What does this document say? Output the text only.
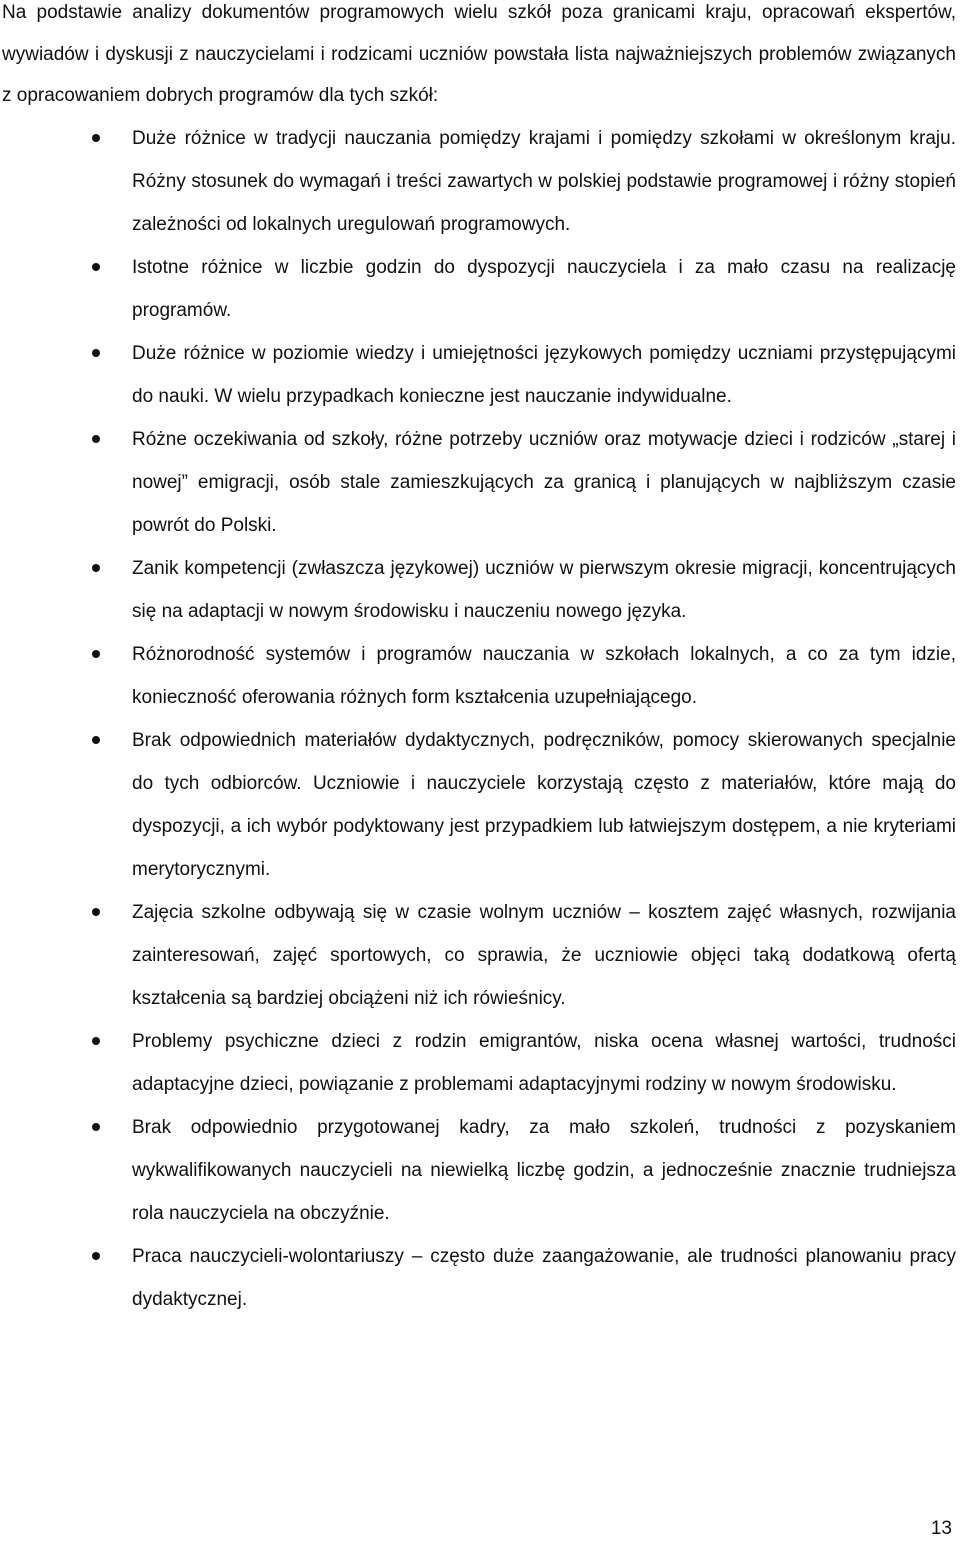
Na podstawie analizy dokumentów programowych wielu szkół poza granicami kraju, opracowań ekspertów, wywiadów i dyskusji z nauczycielami i rodzicami uczniów powstała lista najważniejszych problemów związanych z opracowaniem dobrych programów dla tych szkół:

Duże różnice w tradycji nauczania pomiędzy krajami i pomiędzy szkołami w określonym kraju. Różny stosunek do wymagań i treści zawartych w polskiej podstawie programowej i różny stopień zależności od lokalnych uregulowań programowych.
Istotne różnice w liczbie godzin do dyspozycji nauczyciela i za mało czasu na realizację programów.
Duże różnice w poziomie wiedzy i umiejętności językowych pomiędzy uczniami przystępującymi do nauki. W wielu przypadkach konieczne jest nauczanie indywidualne.
Różne oczekiwania od szkoły, różne potrzeby uczniów oraz motywacje dzieci i rodziców „starej i nowej” emigracji, osób stale zamieszkujących za granicą i planujących w najbliższym czasie powrót do Polski.
Zanik kompetencji (zwłaszcza językowej) uczniów w pierwszym okresie migracji, koncentrujących się na adaptacji w nowym środowisku i nauczeniu nowego języka.
Różnorodność systemów i programów nauczania w szkołach lokalnych, a co za tym idzie, konieczność oferowania różnych form kształcenia uzupełniającego.
Brak odpowiednich materiałów dydaktycznych, podręczników, pomocy skierowanych specjalnie do tych odbiorców. Uczniowie i nauczyciele korzystają często z materiałów, które mają do dyspozycji, a ich wybór podyktowany jest przypadkiem lub łatwiejszym dostępem, a nie kryteriami merytorycznymi.
Zajęcia szkolne odbywają się w czasie wolnym uczniów – kosztem zajęć własnych, rozwijania zainteresowań, zajęć sportowych, co sprawia, że uczniowie objęci taką dodatkową ofertą kształcenia są bardziej obciążeni niż ich rówieśnicy.
Problemy psychiczne dzieci z rodzin emigrantów, niska ocena własnej wartości, trudności adaptacyjne dzieci, powiązanie z problemami adaptacyjnymi rodziny w nowym środowisku.
Brak odpowiednio przygotowanej kadry, za mało szkoleń, trudności z pozyskaniem wykwalifikowanych nauczycieli na niewielką liczbę godzin, a jednocześnie znacznie trudniejsza rola nauczyciela na obczyźnie.
Praca nauczycieli-wolontariuszy – często duże zaangażowanie, ale trudności planowaniu pracy dydaktycznej.
13
